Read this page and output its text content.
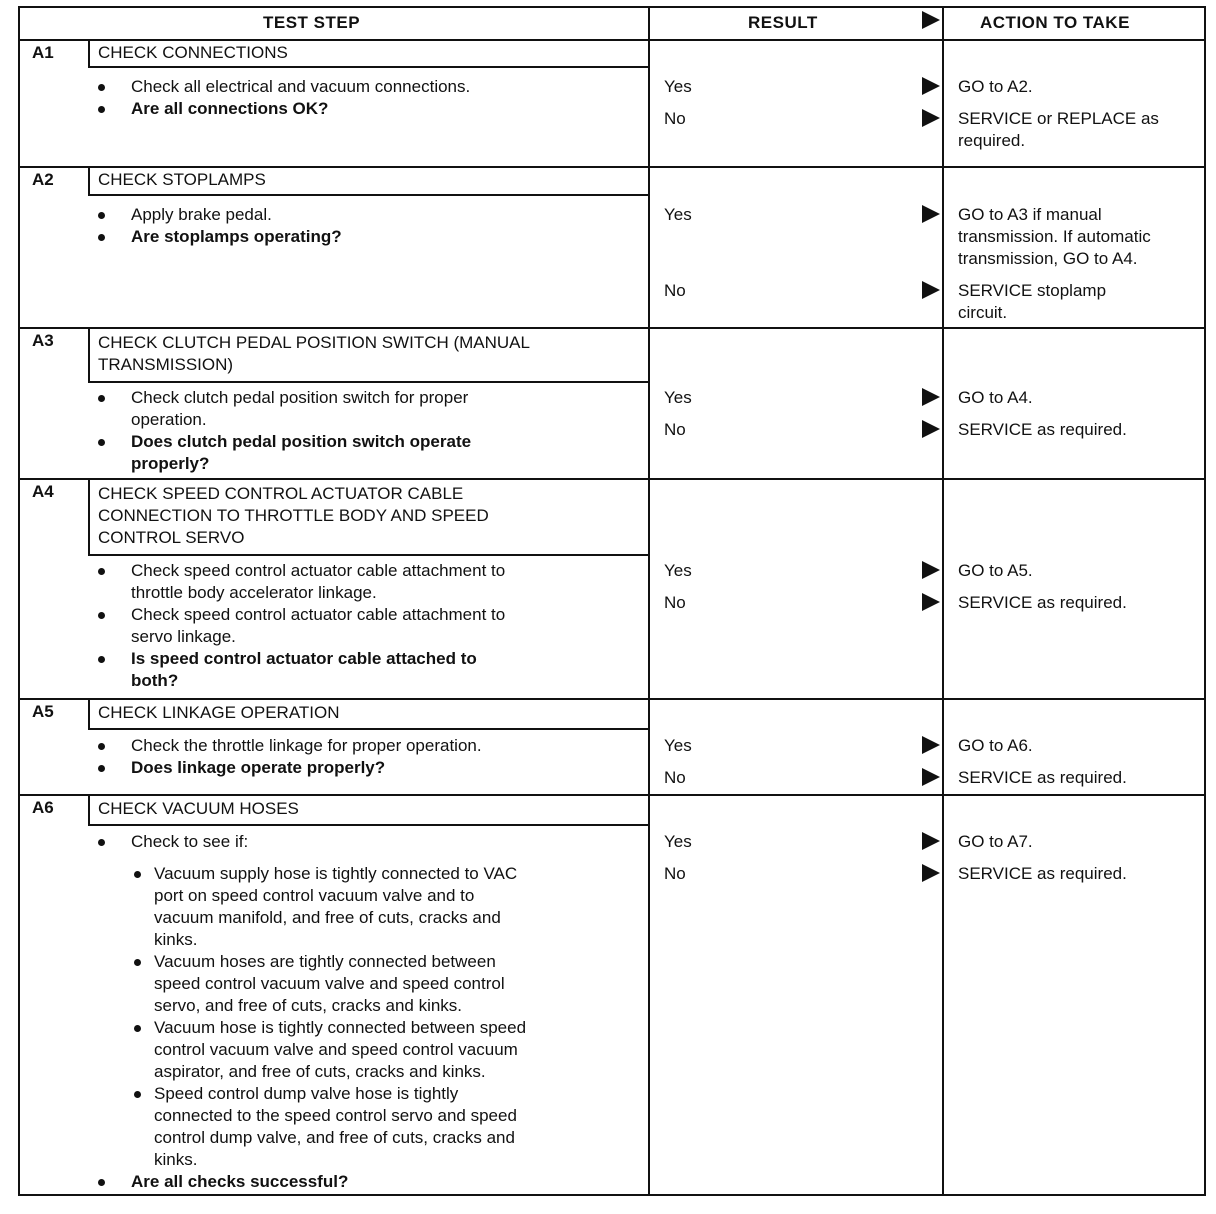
TEST STEP	RESULT	ACTION TO TAKE
A1	CHECK CONNECTIONS
Check all electrical and vacuum connections.
Are all connections OK?
Yes	GO to A2.
No	SERVICE or REPLACE as
required.
A2	CHECK STOPLAMPS
Apply brake pedal.
Are stoplamps operating?
Yes	GO to A3 if manual
transmission. If automatic
transmission, GO to A4.
No	SERVICE stoplamp
circuit.
A3	CHECK CLUTCH PEDAL POSITION SWITCH (MANUAL
TRANSMISSION)
Check clutch pedal position switch for proper
operation.
Does clutch pedal position switch operate
properly?
Yes	GO to A4.
No	SERVICE as required.
A4	CHECK SPEED CONTROL ACTUATOR CABLE
CONNECTION TO THROTTLE BODY AND SPEED
CONTROL SERVO
Check speed control actuator cable attachment to
throttle body accelerator linkage.
Check speed control actuator cable attachment to
servo linkage.
Is speed control actuator cable attached to
both?
Yes	GO to A5.
No	SERVICE as required.
A5	CHECK LINKAGE OPERATION
Check the throttle linkage for proper operation.
Does linkage operate properly?
Yes	GO to A6.
No	SERVICE as required.
A6	CHECK VACUUM HOSES
Check to see if:
Vacuum supply hose is tightly connected to VAC
port on speed control vacuum valve and to
vacuum manifold, and free of cuts, cracks and
kinks.
Vacuum hoses are tightly connected between
speed control vacuum valve and speed control
servo, and free of cuts, cracks and kinks.
Vacuum hose is tightly connected between speed
control vacuum valve and speed control vacuum
aspirator, and free of cuts, cracks and kinks.
Speed control dump valve hose is tightly
connected to the speed control servo and speed
control dump valve, and free of cuts, cracks and
kinks.
Are all checks successful?
Yes	GO to A7.
No	SERVICE as required.
